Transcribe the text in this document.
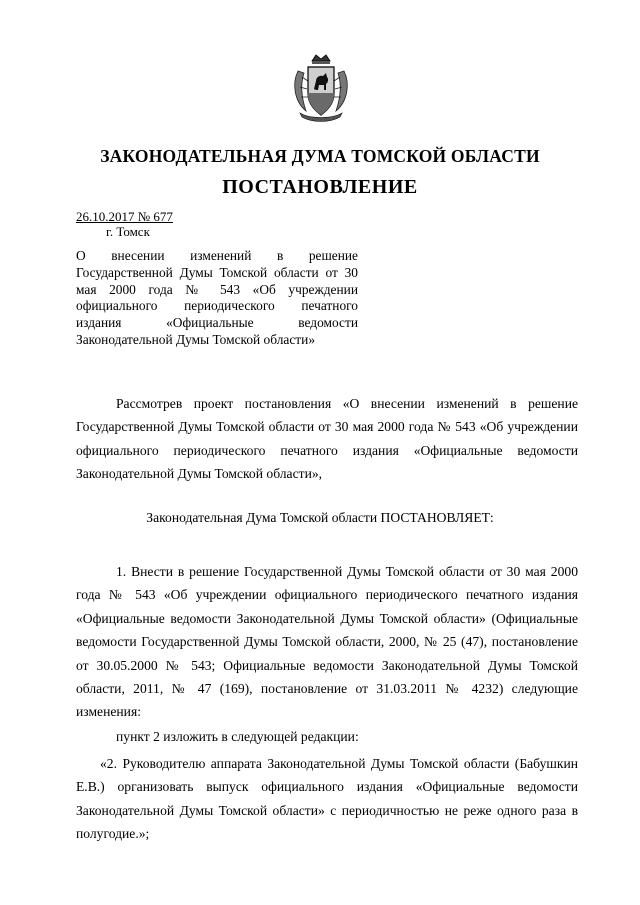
ЗАКОНОДАТЕЛЬНАЯ ДУМА ТОМСКОЙ ОБЛАСТИ
ПОСТАНОВЛЕНИЕ
26.10.2017 № 677
г. Томск
О внесении изменений в решение Государственной Думы Томской области от 30 мая 2000 года № 543 «Об учреждении официального периодического печатного издания «Официальные ведомости Законодательной Думы Томской области»
Рассмотрев проект постановления «О внесении изменений в решение Государственной Думы Томской области от 30 мая 2000 года № 543 «Об учреждении официального периодического печатного издания «Официальные ведомости Законодательной Думы Томской области»,
Законодательная Дума Томской области ПОСТАНОВЛЯЕТ:
1. Внести в решение Государственной Думы Томской области от 30 мая 2000 года № 543 «Об учреждении официального периодического печатного издания «Официальные ведомости Законодательной Думы Томской области» (Официальные ведомости Государственной Думы Томской области, 2000, № 25 (47), постановление от 30.05.2000 № 543; Официальные ведомости Законодательной Думы Томской области, 2011, № 47 (169), постановление от 31.03.2011 № 4232) следующие изменения:
пункт 2 изложить в следующей редакции:
«2. Руководителю аппарата Законодательной Думы Томской области (Бабушкин Е.В.) организовать выпуск официального издания «Официальные ведомости Законодательной Думы Томской области» с периодичностью не реже одного раза в полугодие.»;
